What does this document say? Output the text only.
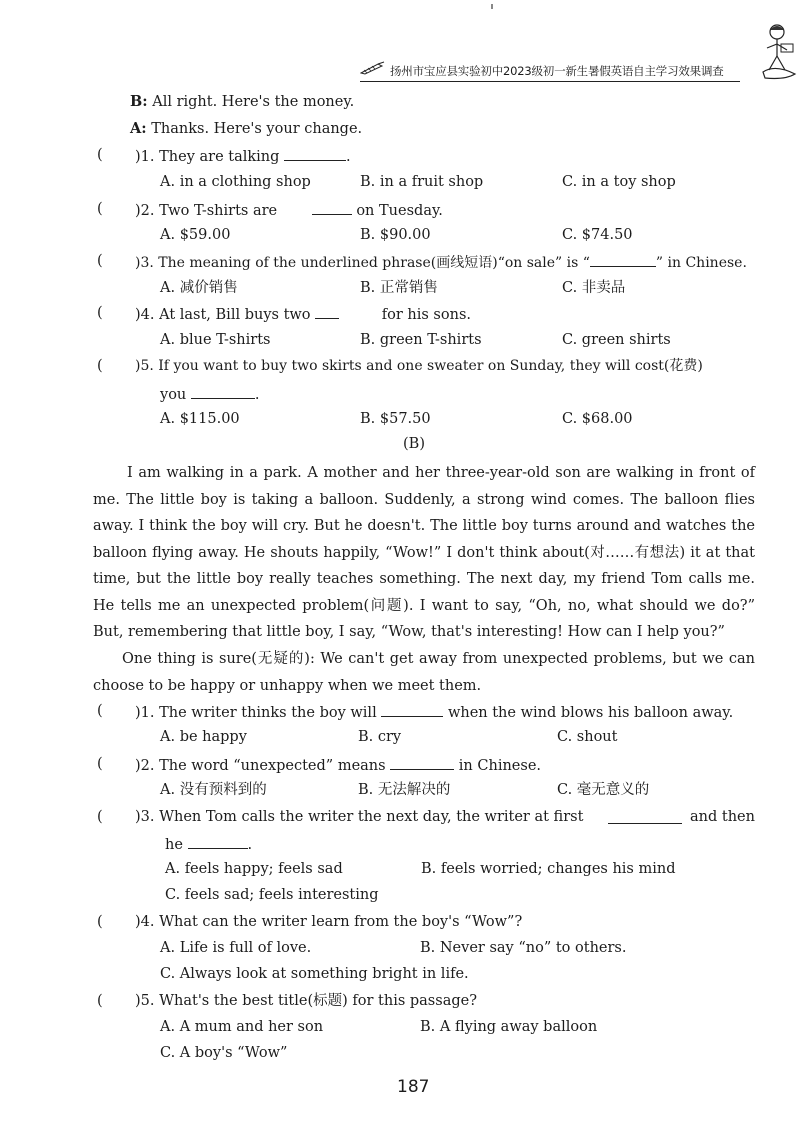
扬州市宝应县实验初中2023级初一新生暑假英语自主学习效果调查
B: All right. Here's the money.
A: Thanks. Here's your change.
( )1. They are talking	.
A. in a clothing shop	B. in a fruit shop	C. in a toy shop
( )2. Two T-shirts are	on Tuesday.
A. $59.00	B. $90.00	C. $74.50
( )3. The meaning of the underlined phrase(画线短语)“on sale” is “	” in Chinese.
A. 减价销售	B. 正常销售	C. 非卖品
( )4. At last, Bill buys two	for his sons.
A. blue T-shirts	B. green T-shirts	C. green shirts
( )5. If you want to buy two skirts and one sweater on Sunday, they will cost(花费)
you	.
A. $115.00	B. $57.50	C. $68.00
(B)
I am walking in a park. A mother and her three-year-old son are walking in front of me. The little boy is taking a balloon. Suddenly, a strong wind comes. The balloon flies away. I think the boy will cry. But he doesn't. The little boy turns around and watches the balloon flying away. He shouts happily, “Wow!” I don't think about(对……有想法) it at that time, but the little boy really teaches something. The next day, my friend Tom calls me. He tells me an unexpected problem(问题). I want to say, “Oh, no, what should we do?” But, remembering that little boy, I say, “Wow, that's interesting! How can I help you?”
One thing is sure(无疑的): We can't get away from unexpected problems, but we can choose to be happy or unhappy when we meet them.
( )1. The writer thinks the boy will	when the wind blows his balloon away.
A. be happy	B. cry	C. shout
( )2. The word “unexpected” means	in Chinese.
A. 没有预料到的	B. 无法解决的	C. 毫无意义的
( )3. When Tom calls the writer the next day, the writer at first	and then
he	.
A. feels happy; feels sad	B. feels worried; changes his mind
C. feels sad; feels interesting
( )4. What can the writer learn from the boy's “Wow”?
A. Life is full of love.	B. Never say “no” to others.
C. Always look at something bright in life.
( )5. What's the best title(标题) for this passage?
A. A mum and her son	B. A flying away balloon
C. A boy's “Wow”
187
